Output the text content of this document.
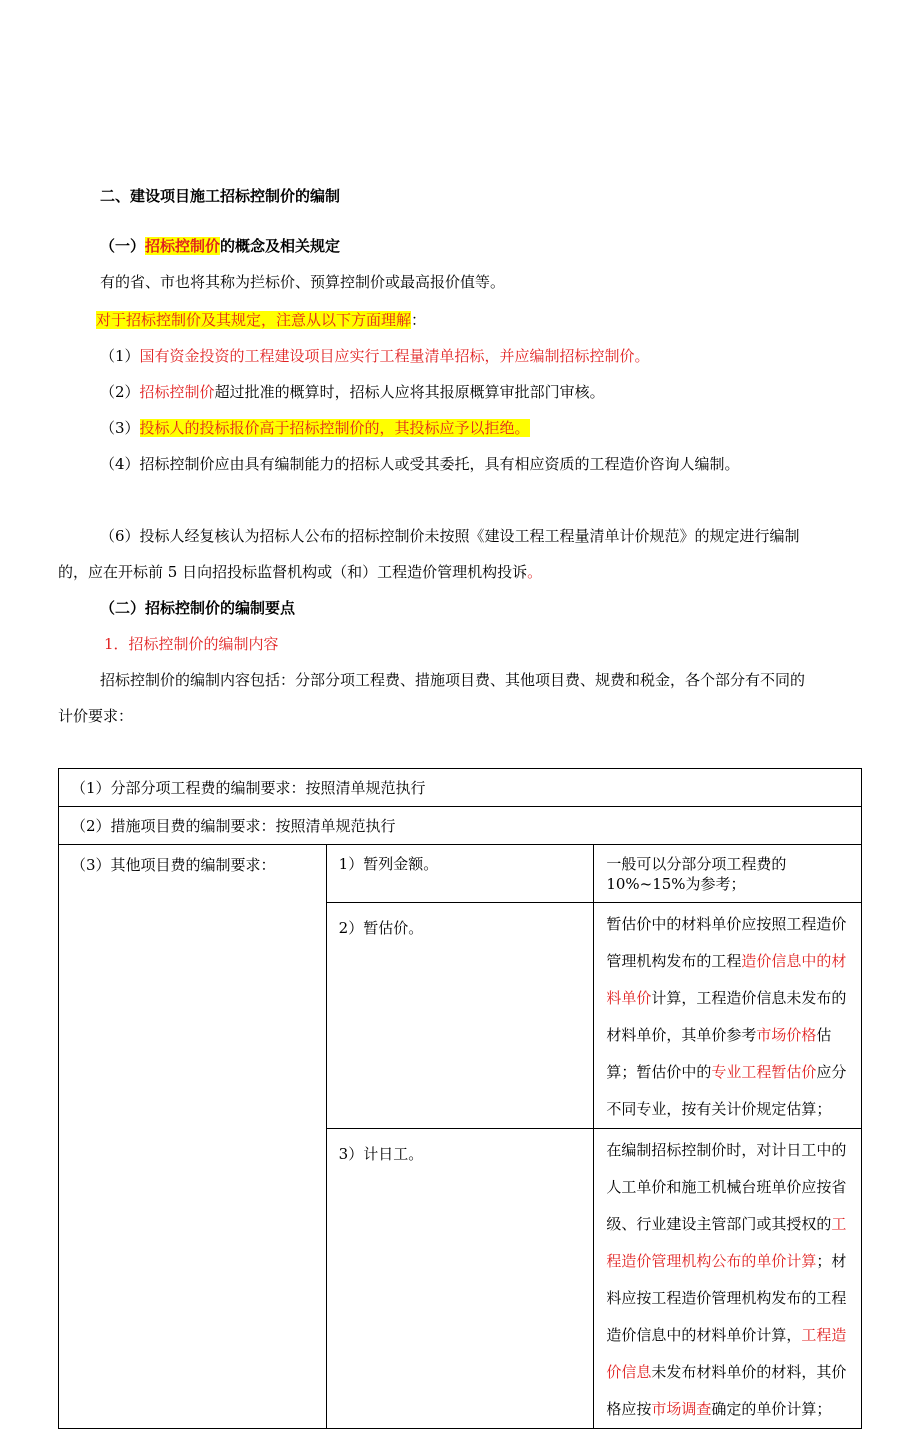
二、建设项目施工招标控制价的编制
（一）招标控制价的概念及相关规定
有的省、市也将其称为拦标价、预算控制价或最高报价值等。
对于招标控制价及其规定，注意从以下方面理解：
（1）国有资金投资的工程建设项目应实行工程量清单招标，并应编制招标控制价。
（2）招标控制价超过批准的概算时，招标人应将其报原概算审批部门审核。
（3）投标人的投标报价高于招标控制价的，其投标应予以拒绝。
（4）招标控制价应由具有编制能力的招标人或受其委托，具有相应资质的工程造价咨询人编制。
（6）投标人经复核认为招标人公布的招标控制价未按照《建设工程工程量清单计价规范》的规定进行编制
的，应在开标前 5 日向招投标监督机构或（和）工程造价管理机构投诉。
（二）招标控制价的编制要点
1．招标控制价的编制内容
招标控制价的编制内容包括：分部分项工程费、措施项目费、其他项目费、规费和税金，各个部分有不同的
计价要求：
（1）分部分项工程费的编制要求：按照清单规范执行		
（2）措施项目费的编制要求：按照清单规范执行		
（3）其他项目费的编制要求：	1）暂列金额。	一般可以分部分项工程费的 10%~15%为参考；
	2）暂估价。	暂估价中的材料单价应按照工程造价管理机构发布的工程造价信息中的材料单价计算，工程造价信息未发布的材料单价，其单价参考市场价格估算；暂估价中的专业工程暂估价应分不同专业，按有关计价规定估算；
	3）计日工。	在编制招标控制价时，对计日工中的人工单价和施工机械台班单价应按省级、行业建设主管部门或其授权的工程造价管理机构公布的单价计算；材料应按工程造价管理机构发布的工程造价信息中的材料单价计算，工程造价信息未发布材料单价的材料，其价格应按市场调查确定的单价计算；
